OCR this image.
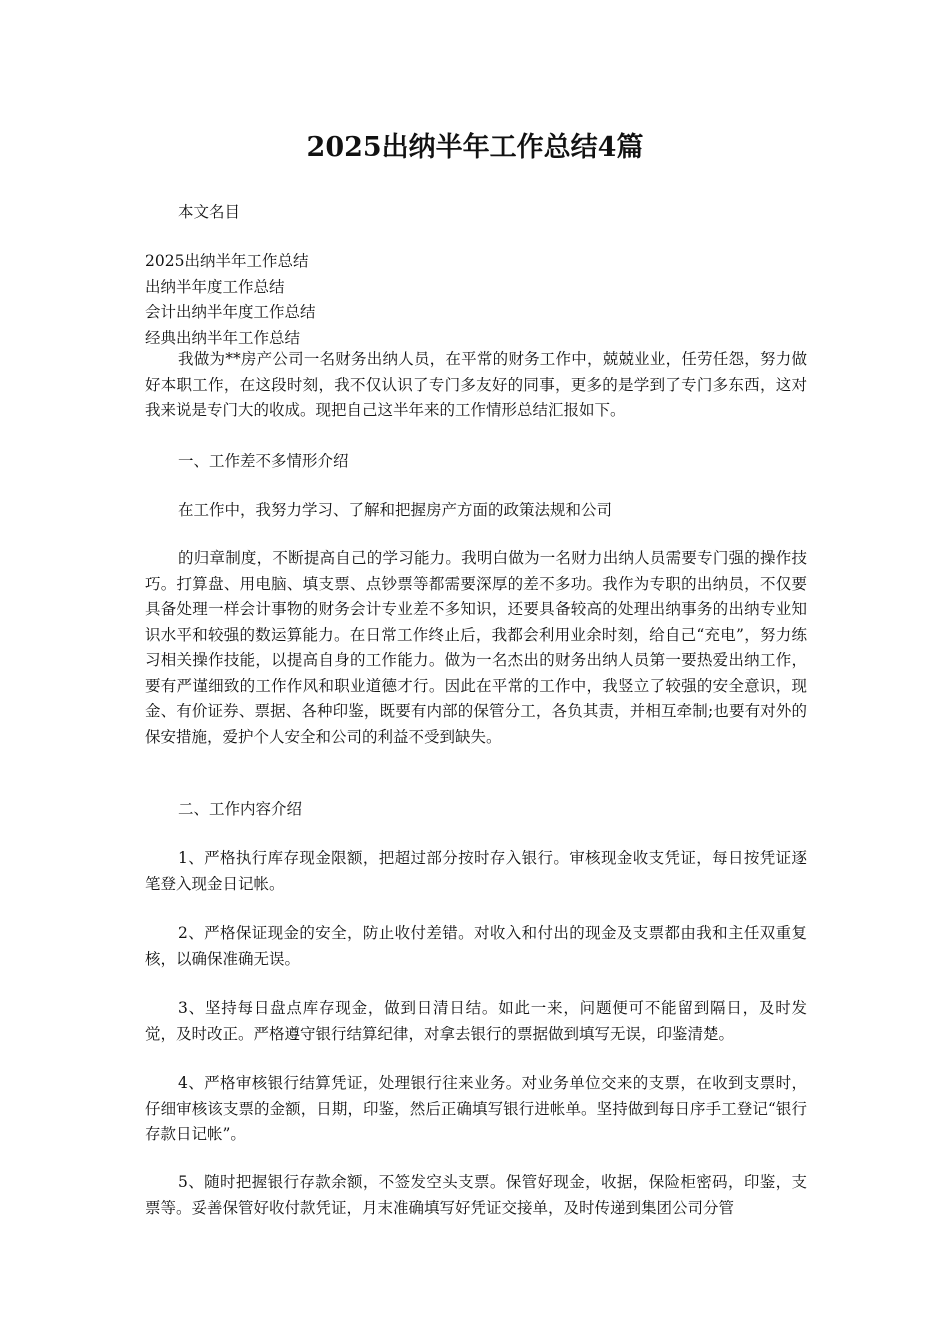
2025出纳半年工作总结4篇

本文名目

2025出纳半年工作总结
出纳半年度工作总结
会计出纳半年度工作总结
经典出纳半年工作总结

我做为**房产公司一名财务出纳人员，在平常的财务工作中，兢兢业业，任劳任怨，努力做好本职工作，在这段时刻，我不仅认识了专门多友好的同事，更多的是学到了专门多东西，这对我来说是专门大的收成。现把自己这半年来的工作情形总结汇报如下。

一、工作差不多情形介绍

在工作中，我努力学习、了解和把握房产方面的政策法规和公司

的归章制度，不断提高自己的学习能力。我明白做为一名财力出纳人员需要专门强的操作技巧。打算盘、用电脑、填支票、点钞票等都需要深厚的差不多功。我作为专职的出纳员，不仅要具备处理一样会计事物的财务会计专业差不多知识，还要具备较高的处理出纳事务的出纳专业知识水平和较强的数运算能力。在日常工作终止后，我都会利用业余时刻，给自己“充电”，努力练习相关操作技能，以提高自身的工作能力。做为一名杰出的财务出纳人员第一要热爱出纳工作，要有严谨细致的工作作风和职业道德才行。因此在平常的工作中，我竖立了较强的安全意识，现金、有价证券、票据、各种印鉴，既要有内部的保管分工，各负其责，并相互牵制;也要有对外的保安措施，爱护个人安全和公司的利益不受到缺失。

二、工作内容介绍

1、严格执行库存现金限额，把超过部分按时存入银行。审核现金收支凭证，每日按凭证逐笔登入现金日记帐。

2、严格保证现金的安全，防止收付差错。对收入和付出的现金及支票都由我和主任双重复核，以确保准确无误。

3、坚持每日盘点库存现金，做到日清日结。如此一来，问题便可不能留到隔日，及时发觉，及时改正。严格遵守银行结算纪律，对拿去银行的票据做到填写无误，印鉴清楚。

4、严格审核银行结算凭证，处理银行往来业务。对业务单位交来的支票，在收到支票时，仔细审核该支票的金额，日期，印鉴，然后正确填写银行进帐单。坚持做到每日序手工登记“银行存款日记帐”。

5、随时把握银行存款余额，不签发空头支票。保管好现金，收据，保险柜密码，印鉴，支票等。妥善保管好收付款凭证，月末准确填写好凭证交接单，及时传递到集团公司分管
